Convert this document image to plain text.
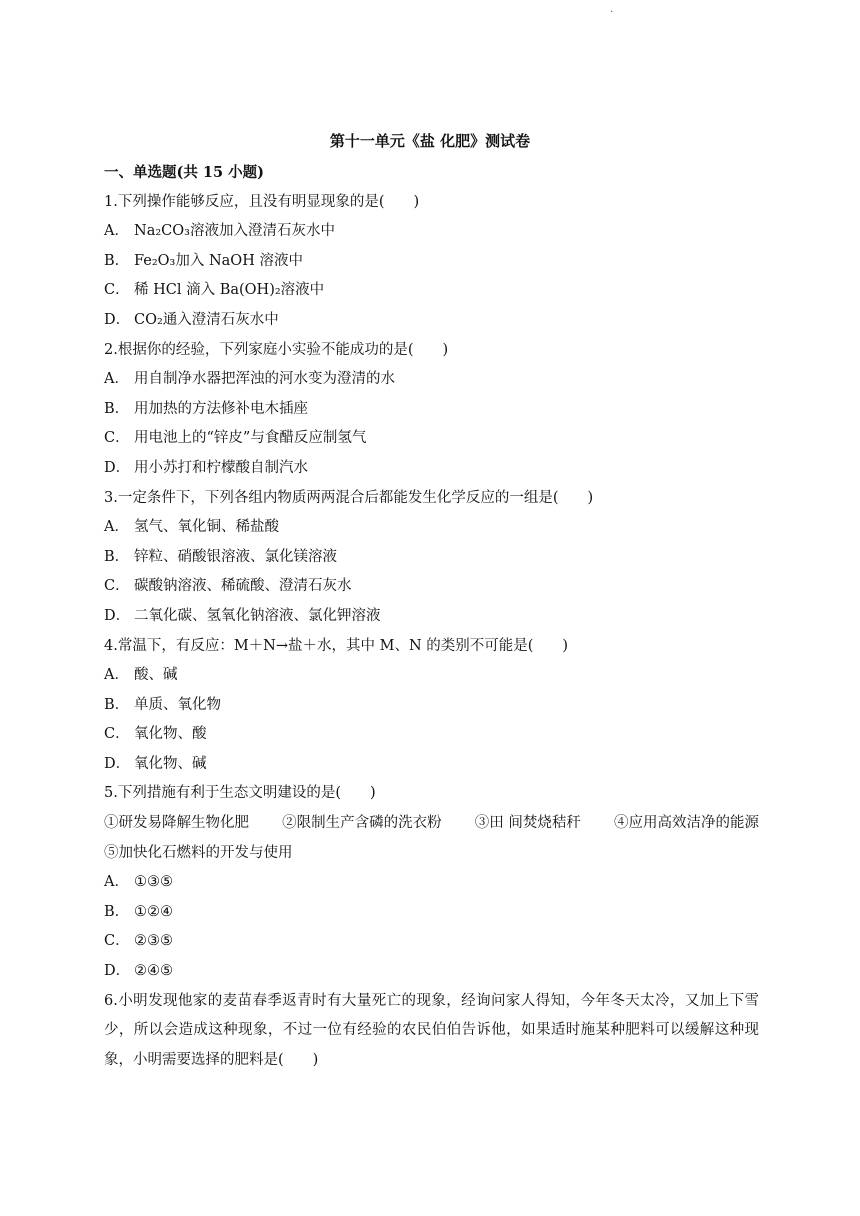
.
第十一单元《盐 化肥》测试卷
一、单选题(共 15 小题)
1.下列操作能够反应，且没有明显现象的是(　　)
A． Na₂CO₃溶液加入澄清石灰水中
B． Fe₂O₃加入 NaOH 溶液中
C． 稀 HCl 滴入 Ba(OH)₂溶液中
D． CO₂通入澄清石灰水中
2.根据你的经验，下列家庭小实验不能成功的是(　　)
A． 用自制净水器把浑浊的河水变为澄清的水
B． 用加热的方法修补电木插座
C． 用电池上的“锌皮”与食醋反应制氢气
D． 用小苏打和柠檬酸自制汽水
3.一定条件下，下列各组内物质两两混合后都能发生化学反应的一组是(　　)
A． 氢气、氧化铜、稀盐酸
B． 锌粒、硝酸银溶液、氯化镁溶液
C． 碳酸钠溶液、稀硫酸、澄清石灰水
D． 二氧化碳、氢氧化钠溶液、氯化钾溶液
4.常温下，有反应：M＋N→盐＋水，其中 M、N 的类别不可能是(　　)
A． 酸、碱
B． 单质、氧化物
C． 氧化物、酸
D． 氧化物、碱
5.下列措施有利于生态文明建设的是(　　)
①研发易降解生物化肥 ②限制生产含磷的洗衣粉 ③田 间焚烧秸秆 ④应用高效洁净的能源
⑤加快化石燃料的开发与使用
A． ①③⑤
B． ①②④
C． ②③⑤
D． ②④⑤
6.小明发现他家的麦苗春季返青时有大量死亡的现象，经询问家人得知，今年冬天太冷，又加上下雪少，所以会造成这种现象，不过一位有经验的农民伯伯告诉他，如果适时施某种肥料可以缓解这种现象，小明需要选择的肥料是(　　)
